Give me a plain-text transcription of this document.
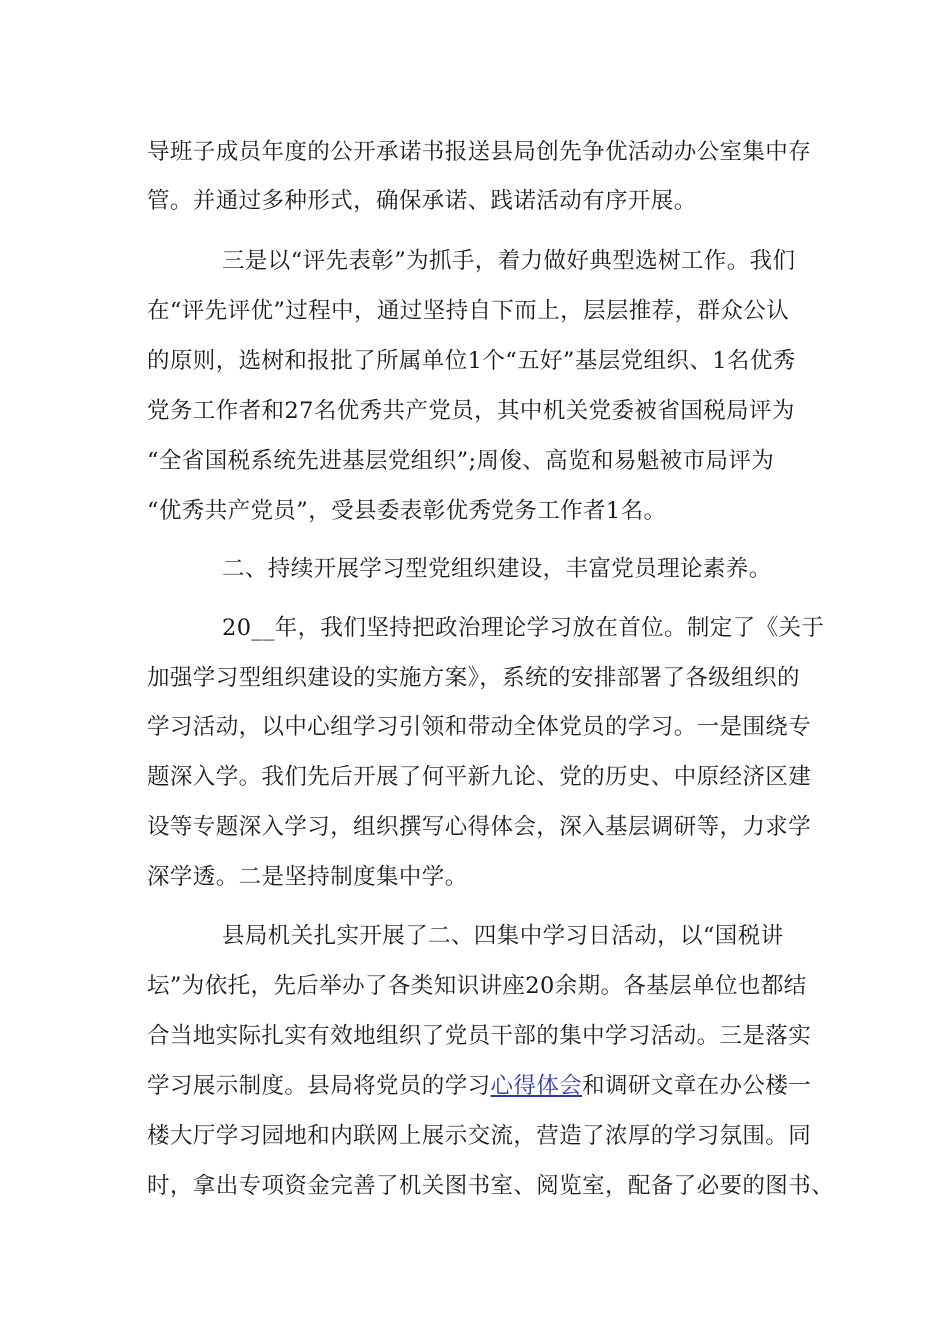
导班子成员年度的公开承诺书报送县局创先争优活动办公室集中存
管。并通过多种形式，确保承诺、践诺活动有序开展。
三是以“评先表彰”为抓手，着力做好典型选树工作。我们
在“评先评优”过程中，通过坚持自下而上，层层推荐，群众公认
的原则，选树和报批了所属单位1个“五好”基层党组织、1名优秀
党务工作者和27名优秀共产党员，其中机关党委被省国税局评为
“全省国税系统先进基层党组织”;周俊、高览和易魁被市局评为
“优秀共产党员”，受县委表彰优秀党务工作者1名。
二、持续开展学习型党组织建设，丰富党员理论素养。
20__年，我们坚持把政治理论学习放在首位。制定了《关于
加强学习型组织建设的实施方案》，系统的安排部署了各级组织的
学习活动，以中心组学习引领和带动全体党员的学习。一是围绕专
题深入学。我们先后开展了何平新九论、党的历史、中原经济区建
设等专题深入学习，组织撰写心得体会，深入基层调研等，力求学
深学透。二是坚持制度集中学。
县局机关扎实开展了二、四集中学习日活动，以“国税讲
坛”为依托，先后举办了各类知识讲座20余期。各基层单位也都结
合当地实际扎实有效地组织了党员干部的集中学习活动。三是落实
学习展示制度。县局将党员的学习心得体会和调研文章在办公楼一
楼大厅学习园地和内联网上展示交流，营造了浓厚的学习氛围。同
时，拿出专项资金完善了机关图书室、阅览室，配备了必要的图书、
